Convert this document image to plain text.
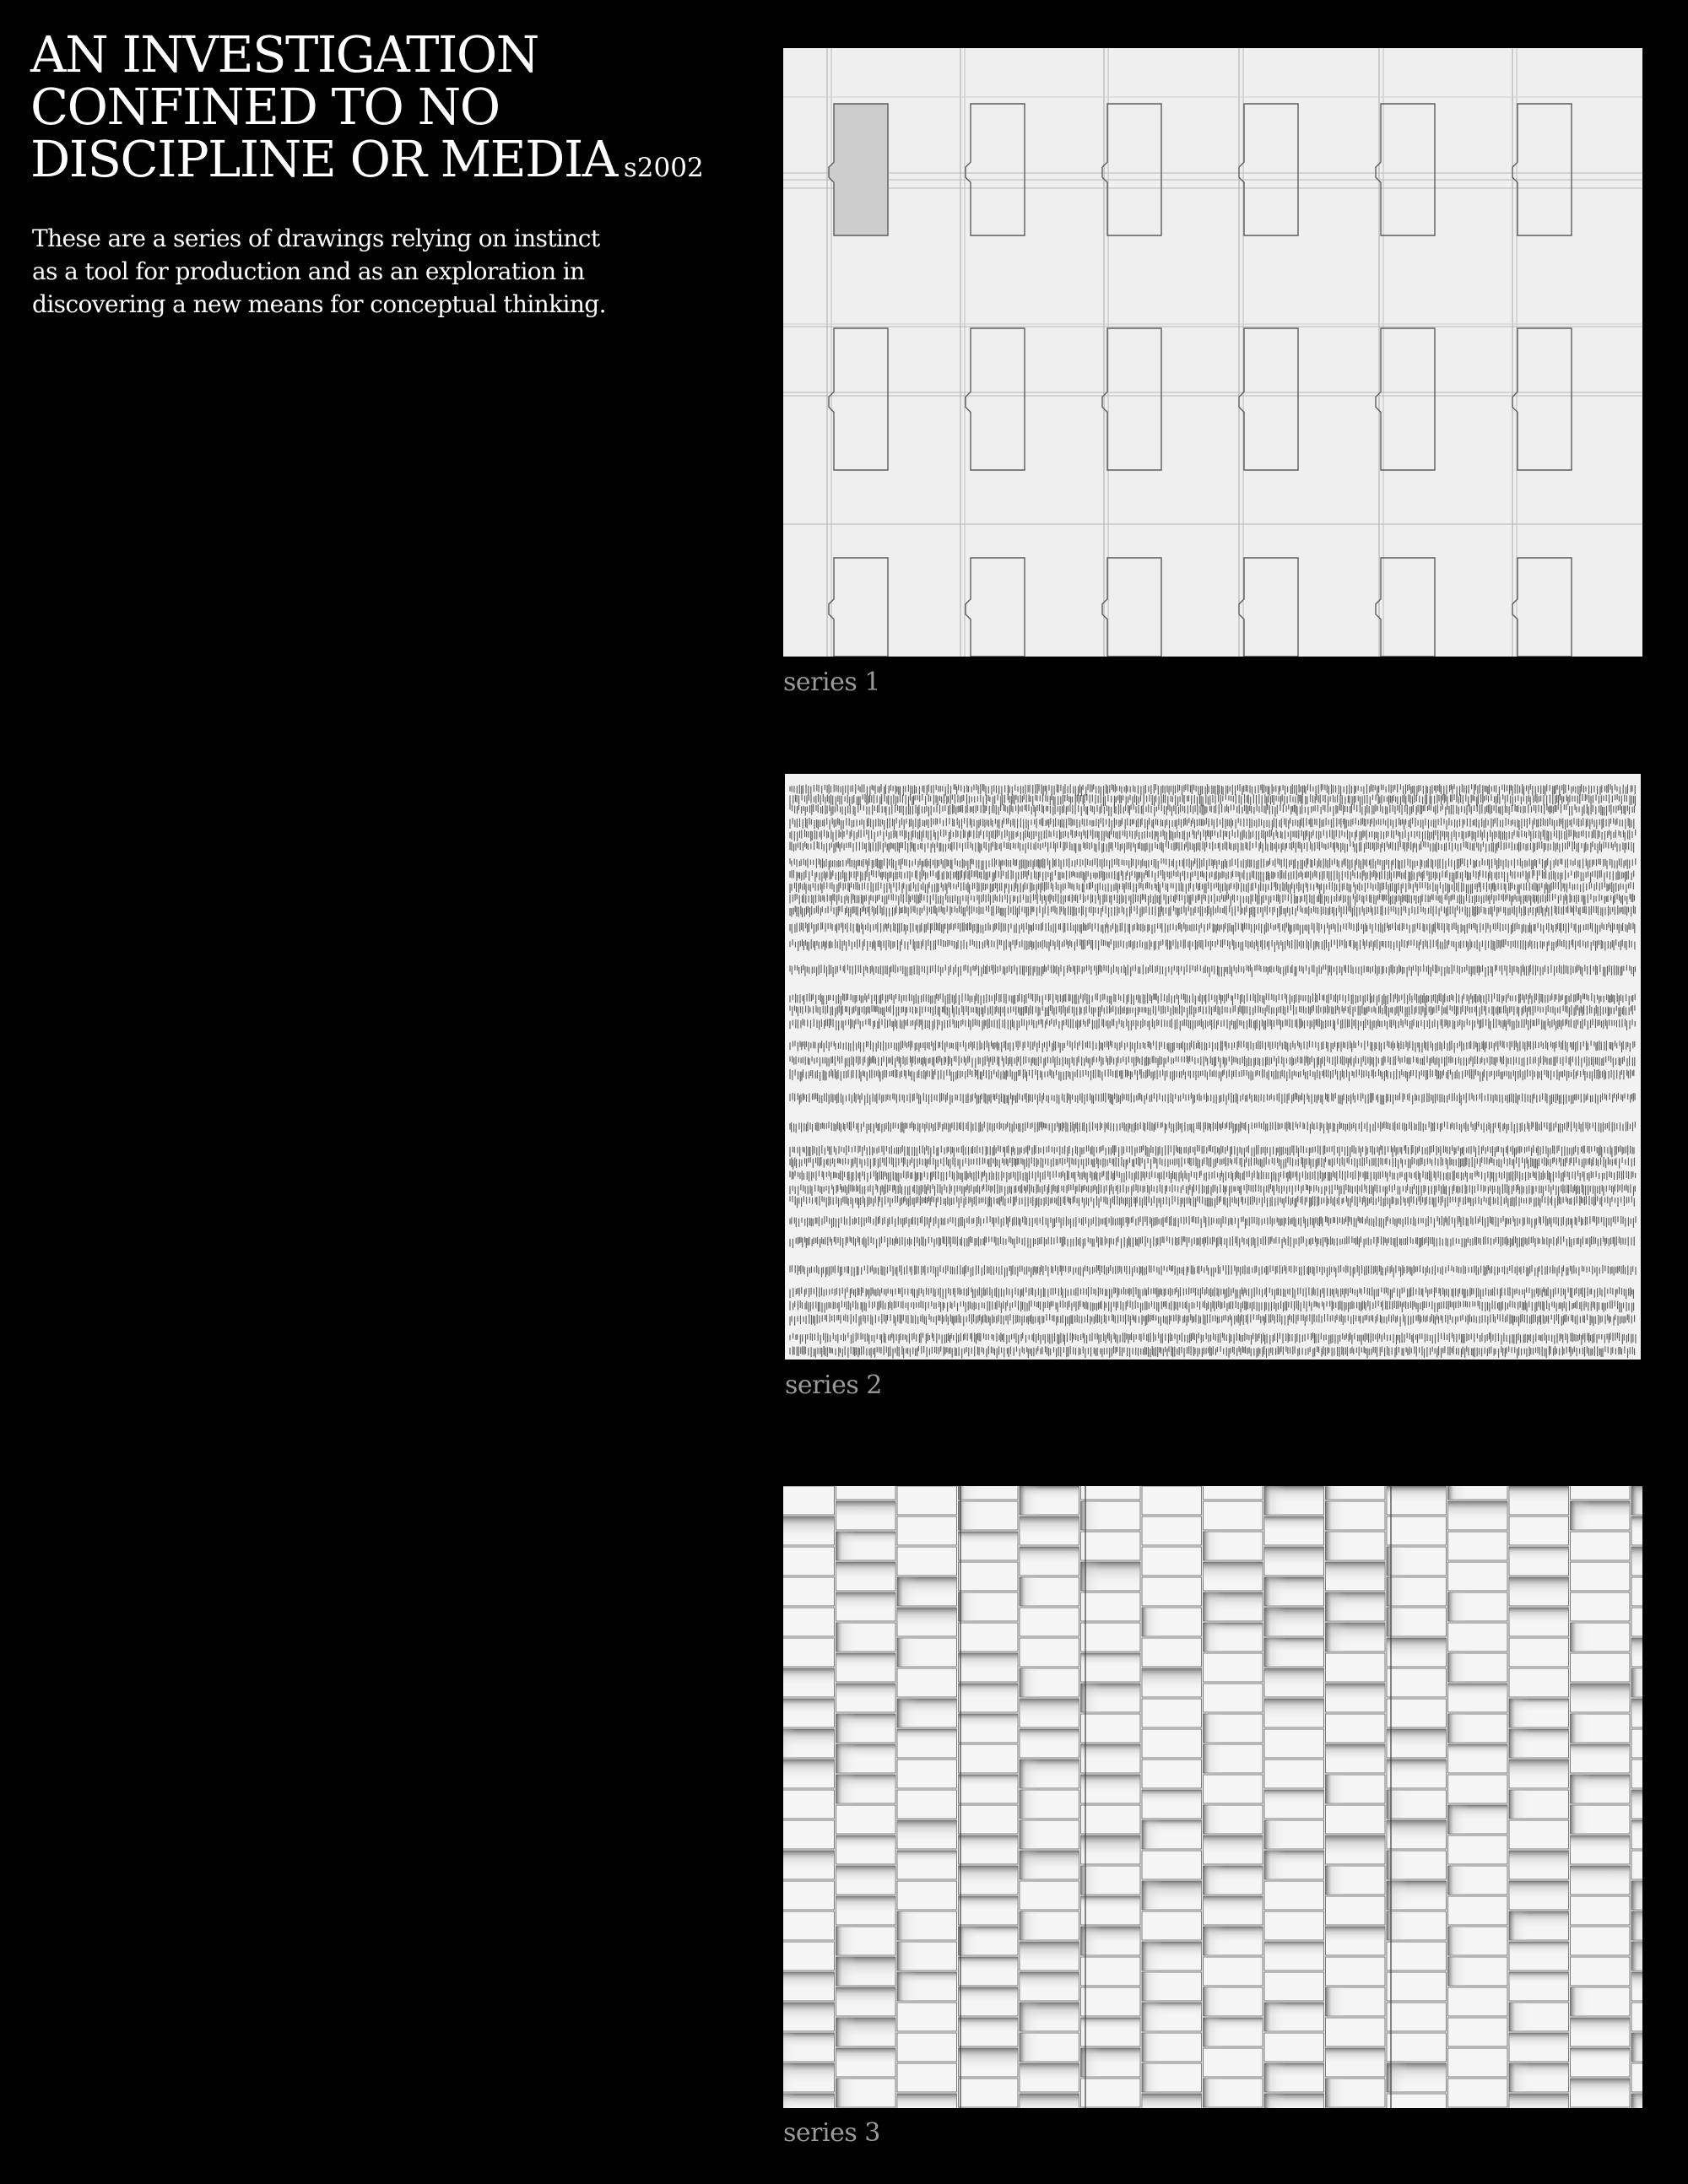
AN INVESTIGATION
CONFINED TO NO
DISCIPLINE OR MEDIA s2002

These are a series of drawings relying on instinct
as a tool for production and as an exploration in
discovering a new means for conceptual thinking.

series 1

series 2

series 3
